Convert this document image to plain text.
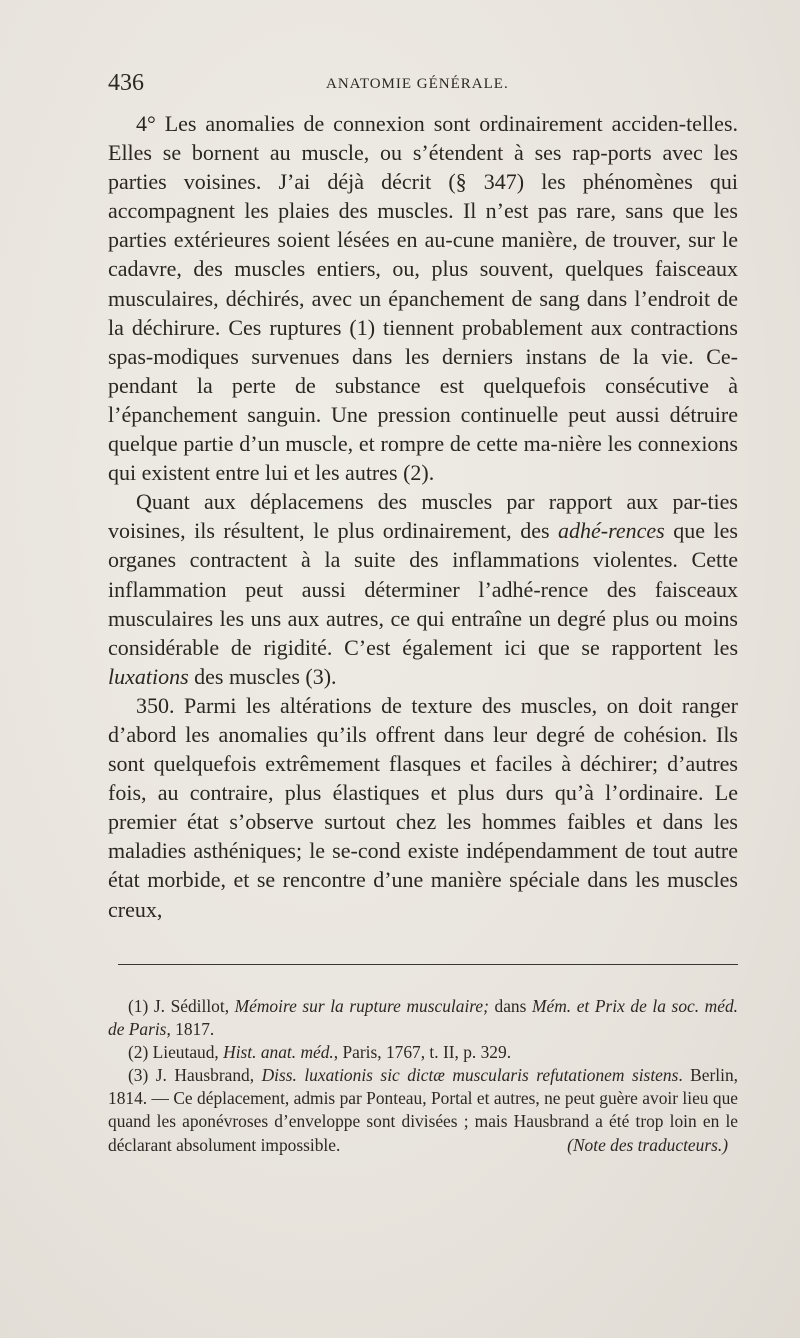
436	ANATOMIE GÉNÉRALE.

4° Les anomalies de connexion sont ordinairement acciden-telles. Elles se bornent au muscle, ou s’étendent à ses rap-ports avec les parties voisines. J’ai déjà décrit (§ 347) les phénomènes qui accompagnent les plaies des muscles. Il n’est pas rare, sans que les parties extérieures soient lésées en au-cune manière, de trouver, sur le cadavre, des muscles entiers, ou, plus souvent, quelques faisceaux musculaires, déchirés, avec un épanchement de sang dans l’endroit de la déchirure. Ces ruptures (1) tiennent probablement aux contractions spas-modiques survenues dans les derniers instans de la vie. Ce-pendant la perte de substance est quelquefois consécutive à l’épanchement sanguin. Une pression continuelle peut aussi détruire quelque partie d’un muscle, et rompre de cette ma-nière les connexions qui existent entre lui et les autres (2).

Quant aux déplacemens des muscles par rapport aux par-ties voisines, ils résultent, le plus ordinairement, des adhé-rences que les organes contractent à la suite des inflammations violentes. Cette inflammation peut aussi déterminer l’adhé-rence des faisceaux musculaires les uns aux autres, ce qui entraîne un degré plus ou moins considérable de rigidité. C’est également ici que se rapportent les luxations des muscles (3).

350. Parmi les altérations de texture des muscles, on doit ranger d’abord les anomalies qu’ils offrent dans leur degré de cohésion. Ils sont quelquefois extrêmement flasques et faciles à déchirer; d’autres fois, au contraire, plus élastiques et plus durs qu’à l’ordinaire. Le premier état s’observe surtout chez les hommes faibles et dans les maladies asthéniques; le se-cond existe indépendamment de tout autre état morbide, et se rencontre d’une manière spéciale dans les muscles creux,

(1) J. Sédillot, Mémoire sur la rupture musculaire; dans Mém. et Prix de la soc. méd. de Paris, 1817.

(2) Lieutaud, Hist. anat. méd., Paris, 1767, t. II, p. 329.

(3) J. Hausbrand, Diss. luxationis sic dictæ muscularis refutationem sistens. Berlin, 1814. — Ce déplacement, admis par Ponteau, Portal et autres, ne peut guère avoir lieu que quand les aponévroses d’enveloppe sont divisées ; mais Hausbrand a été trop loin en le déclarant absolument impossible.	(Note des traducteurs.)
